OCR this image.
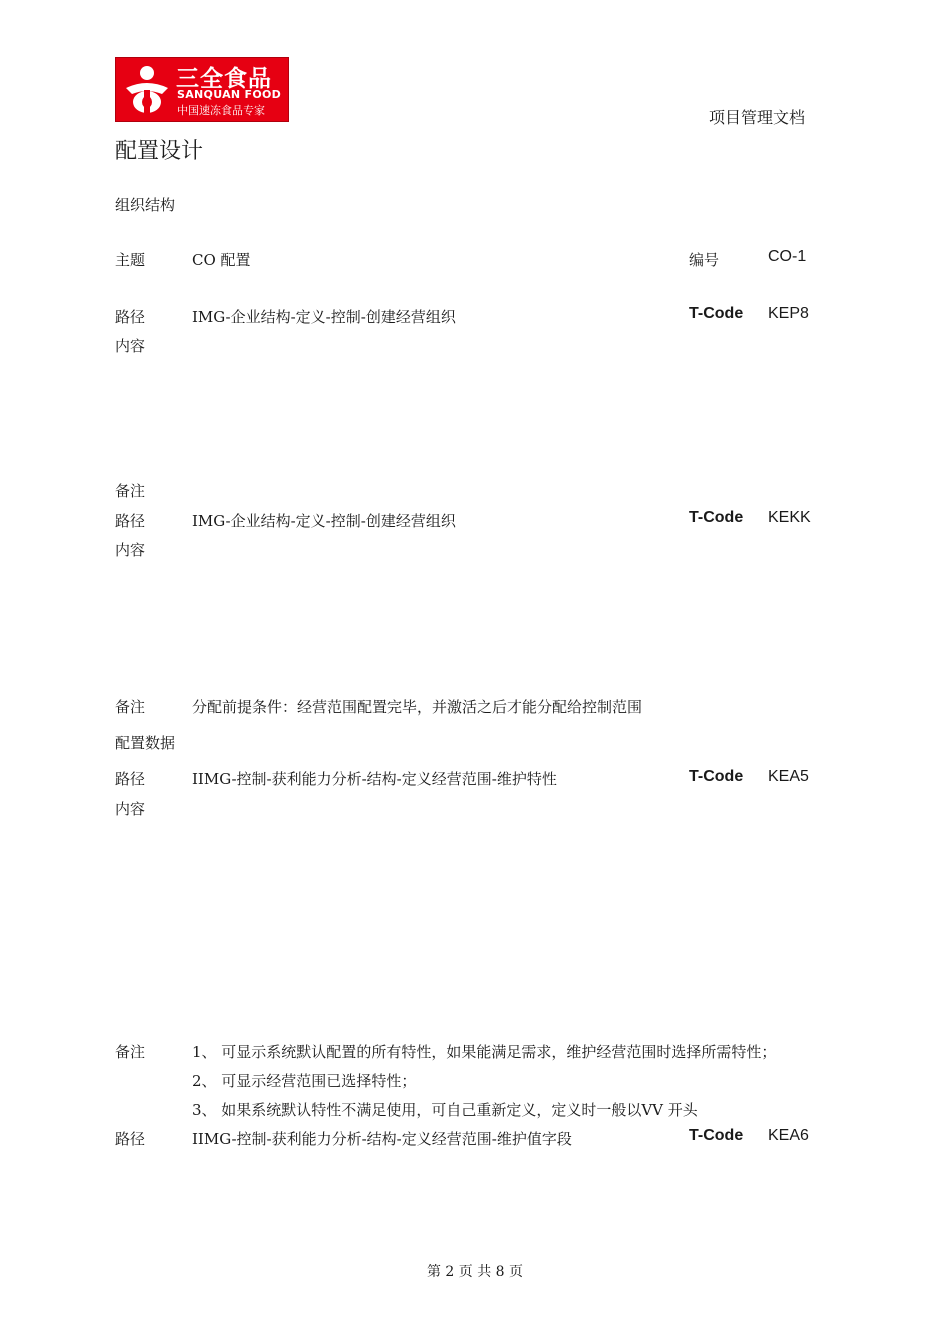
三全食品
SANQUAN FOOD
中国速冻食品专家	项目管理文档
配置设计
组织结构
主题	CO 配置	编号	CO-1
路径	IMG-企业结构-定义-控制-创建经营组织	T-Code KEP8
内容
备注
路径	IMG-企业结构-定义-控制-创建经营组织	T-Code KEKK
内容
备注	分配前提条件：经营范围配置完毕，并激活之后才能分配给控制范围
配置数据
路径	IIMG-控制-获利能力分析-结构-定义经营范围-维护特性	T-Code KEA5
内容
备注	1、 可显示系统默认配置的所有特性，如果能满足需求，维护经营范围时选择所需特性；
2、 可显示经营范围已选择特性；
3、 如果系统默认特性不满足使用，可自己重新定义，定义时一般以VV 开头
路径	IIMG-控制-获利能力分析-结构-定义经营范围-维护值字段	T-Code KEA6
第 2 页 共 8 页
